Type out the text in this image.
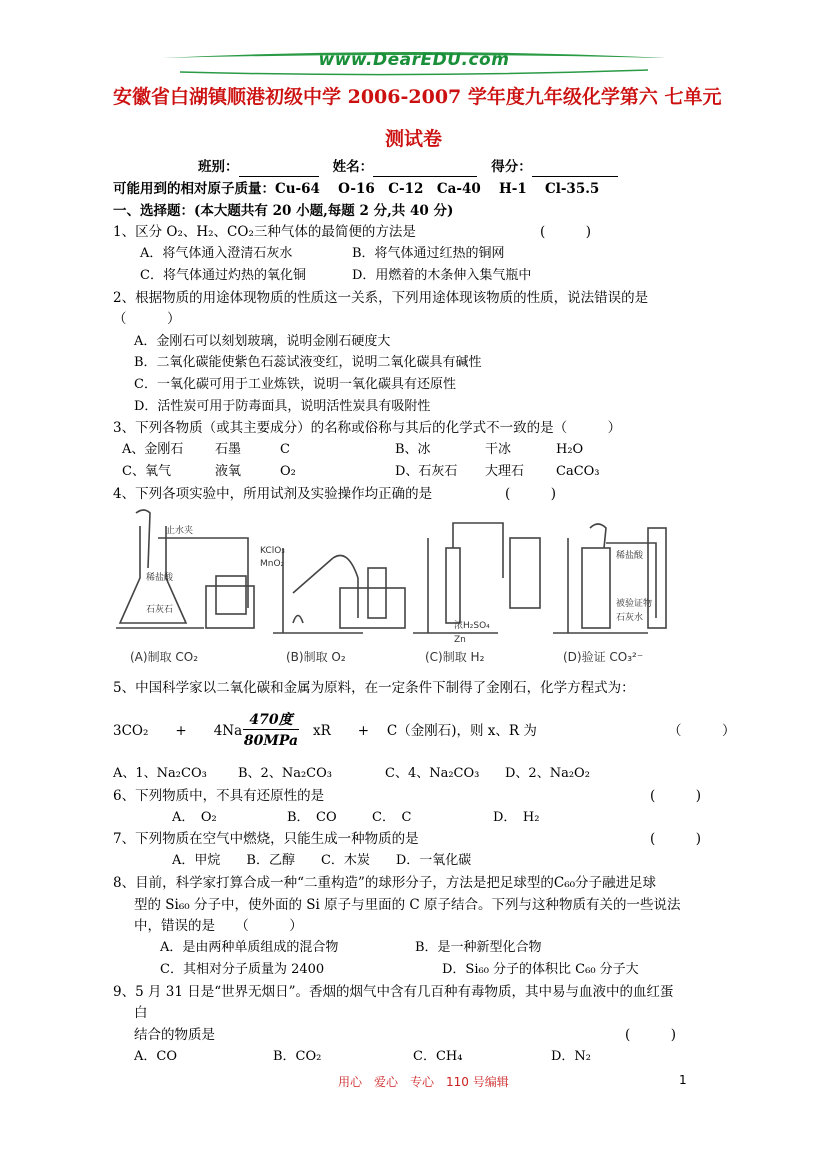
www.DearEDU.com
安徽省白湖镇顺港初级中学 2006-2007 学年度九年级化学第六 七单元
测试卷
班别：	姓名：	得分：
可能用到的相对原子质量：Cu-64　 O-16　C-12　Ca-40　 H-1　 Cl-35.5
一、选择题：(本大题共有 20 小题,每题 2 分,共 40 分)
1、区分 O₂、H₂、CO₂三种气体的最简便的方法是	(　　　)
A．将气体通入澄清石灰水	B．将气体通过红热的铜网
C．将气体通过灼热的氧化铜	D．用燃着的木条伸入集气瓶中
2、根据物质的用途体现物质的性质这一关系，下列用途体现该物质的性质，说法错误的是
（　　　）
A．金刚石可以刻划玻璃，说明金刚石硬度大
B．二氧化碳能使紫色石蕊试液变红，说明二氧化碳具有碱性
C．一氧化碳可用于工业炼铁，说明一氧化碳具有还原性
D．活性炭可用于防毒面具，说明活性炭具有吸附性
3、下列各物质（或其主要成分）的名称或俗称与其后的化学式不一致的是（　　　）
A、金刚石 石墨	C	B、冰	干冰	H₂O
C、氧气	液氧	O₂	D、石灰石 大理石 CaCO₃
4、下列各项实验中，所用试剂及实验操作均正确的是	(　　　)
止水夹
稀盐酸
石灰石
KClO₃
MnO₂
浓H₂SO₄
Zn
稀盐酸
被验证物
石灰水
(A)制取 CO₂	(B)制取 O₂	(C)制取 H₂	(D)验证 CO₃²⁻
5、中国科学家以二氧化碳和金属为原料，在一定条件下制得了金刚石，化学方程式为：
3CO₂　　+　　4Na
470度
80MPa
xR　　+　 C（金刚石)，则 x、R 为	（　　　）
A、1、Na₂CO₃ B、2、Na₂CO₃	C、4、Na₂CO₃ D、2、Na₂O₂
6、下列物质中，不具有还原性的是	(　　　)
A．　O₂	B．　CO	C．　C	D．　H₂
7、下列物质在空气中燃烧，只能生成一种物质的是	(　　　)
A．甲烷　　B．乙醇　　C．木炭　　D．一氧化碳
8、目前，科学家打算合成一种“二重构造”的球形分子，方法是把足球型的C₆₀分子融进足球
型的 Si₆₀ 分子中，使外面的 Si 原子与里面的 C 原子结合。下列与这种物质有关的一些说法
中，错误的是　　（　　　）
A．是由两种单质组成的混合物	B．是一种新型化合物
C．其相对分子质量为 2400	D．Si₆₀ 分子的体积比 C₆₀ 分子大
9、5 月 31 日是“世界无烟日”。香烟的烟气中含有几百种有毒物质，其中易与血液中的血红蛋
白
结合的物质是	(　　　)
A．CO	B．CO₂	C．CH₄	D．N₂
用心　爱心　专心　110 号编辑	1
